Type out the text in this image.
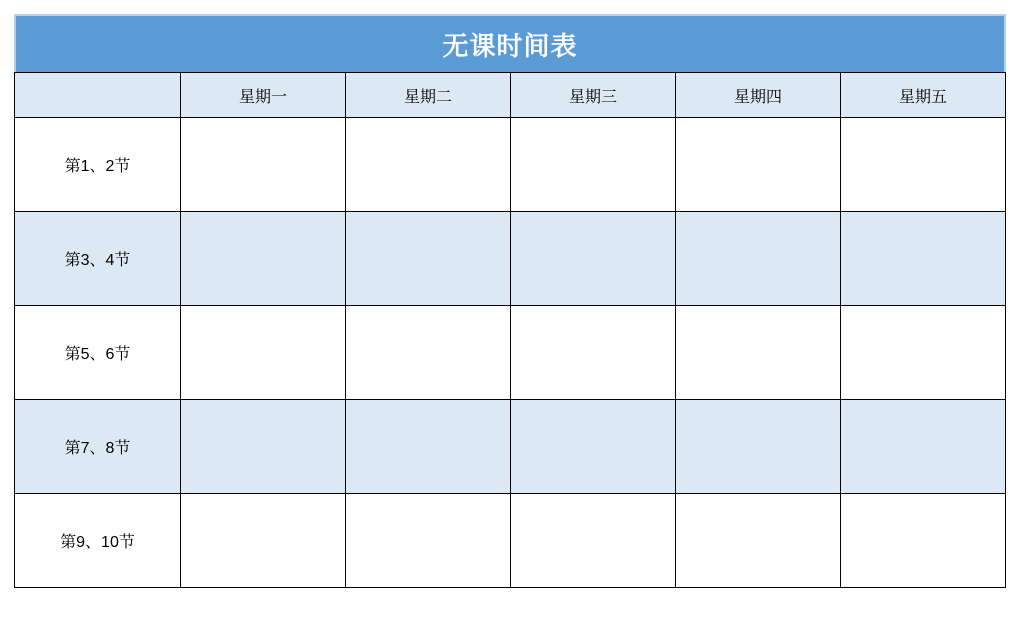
无课时间表
	星期一	星期二	星期三	星期四	星期五
第1、2节					
第3、4节					
第5、6节					
第7、8节					
第9、10节					
